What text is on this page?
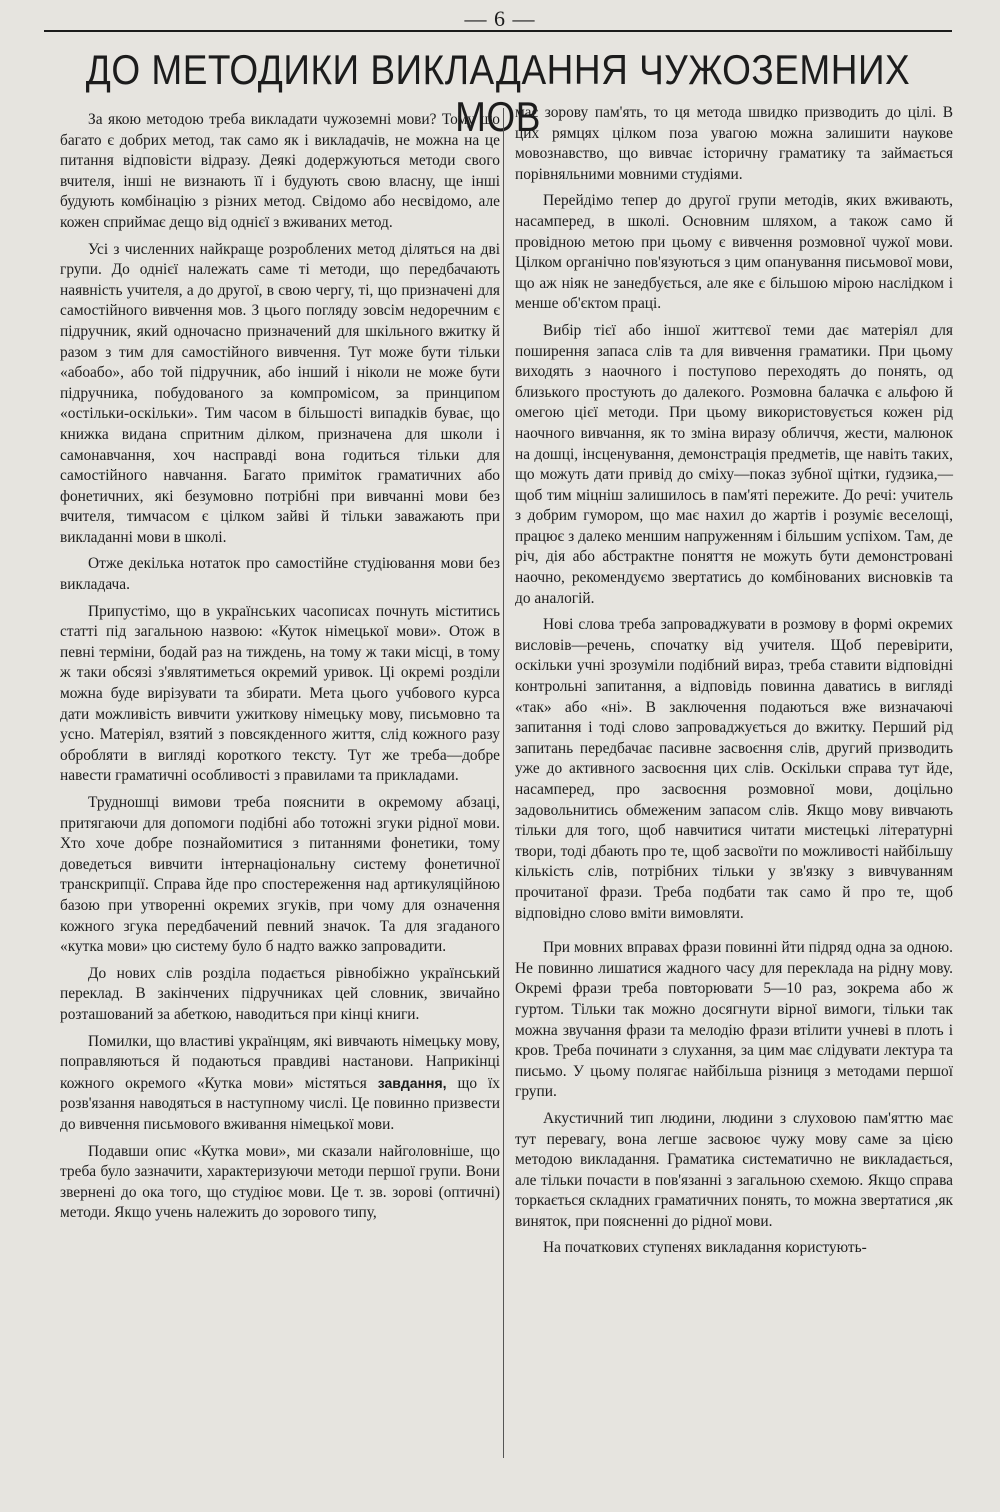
— 6 —
ДО МЕТОДИКИ ВИКЛАДАННЯ ЧУЖОЗЕМНИХ МОВ

За якою методою треба викладати чужоземні мови? Тому що багато є добрих метод, так само як і викладачів, не можна на це питання відповісти відразу. Деякі додержуються методи свого вчителя, інші не визнають її і будують свою власну, ще інші будують комбінацію з різних метод. Свідомо або несвідомо, але кожен сприймає дещо від однієї з вживаних метод.

Усі з численних найкраще розроблених метод діляться на дві групи. До однієї належать саме ті методи, що передбачають наявність учителя, а до другої, в свою чергу, ті, що призначені для самостійного вивчення мов. З цього погляду зовсім недоречним є підручник, який одночасно призначений для шкільного вжитку й разом з тим для самостійного вивчення. Тут може бути тільки «абоабо», або той підручник, або інший і ніколи не може бути підручника, побудованого за компромісом, за принципом «остільки-оскільки». Тим часом в більшості випадків буває, що книжка видана спритним ділком, призначена для школи і самонавчання, хоч насправді вона годиться тільки для самостійного навчання. Багато приміток граматичних або фонетичних, які безумовно потрібні при вивчанні мови без вчителя, тимчасом є цілком зайві й тільки заважають при викладанні мови в школі.

Отже декілька нотаток про самостійне студіювання мови без викладача.

Припустімо, що в українських часописах почнуть міститись статті під загальною назвою: «Куток німецької мови». Отож в певні терміни, бодай раз на тиждень, на тому ж таки місці, в тому ж таки обсязі з'являтиметься окремий уривок. Ці окремі розділи можна буде вирізувати та збирати. Мета цього учбового курса дати можливість вивчити ужиткову німецьку мову, письмовно та усно. Матеріял, взятий з повсякденного життя, слід кожного разу обробляти в вигляді короткого тексту. Тут же треба—добре навести граматичні особливості з правилами та прикладами.

Трудношці вимови треба пояснити в окремому абзаці, притягаючи для допомоги подібні або тотожні згуки рідної мови. Хто хоче добре познайомитися з питаннями фонетики, тому доведеться вивчити інтернаціональну систему фонетичної транскрипції. Справа йде про спостереження над артикуляційною базою при утворенні окремих згуків, при чому для означення кожного згука передбачений певний значок. Та для згаданого «кутка мови» цю систему було б надто важко запровадити.

До нових слів розділа подається рівнобіжно український переклад. В закінчених підручниках цей словник, звичайно розташований за абеткою, наводиться при кінці книги.

Помилки, що властиві українцям, які вивчають німецьку мову, поправляються й подаються правдиві настанови. Наприкінці кожного окремого «Кутка мови» містяться завдання, що їх розв'язання наводяться в наступному числі. Це повинно призвести до вивчення письмового вживання німецької мови.

Подавши опис «Кутка мови», ми сказали найголовніше, що треба було зазначити, характеризуючи методи першої групи. Вони звернені до ока того, що студіює мови. Це т. зв. зорові (оптичні) методи. Якщо учень належить до зорового типу,

має зорову пам'ять, то ця метода швидко призводить до цілі. В цих рямцях цілком поза увагою можна залишити наукове мовознавство, що вивчає історичну граматику та займається порівняльними мовними студіями.

Перейдімо тепер до другої групи методів, яких вживають, насамперед, в школі. Основним шляхом, а також само й провідною метою при цьому є вивчення розмовної чужої мови. Цілком органічно пов'язуються з цим опанування письмової мови, що аж ніяк не занедбується, але яке є більшою мірою наслідком і менше об'єктом праці.

Вибір тієї або іншої життєвої теми дає матеріял для поширення запаса слів та для вивчення граматики. При цьому виходять з наочного і поступово переходять до понять, од близького простують до далекого. Розмовна балачка є альфою й омегою цієї методи. При цьому використовується кожен рід наочного вивчання, як то зміна виразу обличчя, жести, малюнок на дошці, інсценування, демонстрація предметів, ще навіть таких, що можуть дати привід до сміху—показ зубної щітки, ґудзика,—щоб тим міцніш залишилось в пам'яті пережите. До речі: учитель з добрим гумором, що має нахил до жартів і розуміє веселощі, працює з далеко меншим напруженням і більшим успіхом. Там, де річ, дія або абстрактне поняття не можуть бути демонстровані наочно, рекомендуємо звертатись до комбінованих висновків та до аналогій.

Нові слова треба запроваджувати в розмову в формі окремих висловів—речень, спочатку від учителя. Щоб перевірити, оскільки учні зрозуміли подібний вираз, треба ставити відповідні контрольні запитання, а відповідь повинна даватись в вигляді «так» або «ні». В заключення подаються вже визначаючі запитання і тоді слово запроваджується до вжитку. Перший рід запитань передбачає пасивне засвоєння слів, другий призводить уже до активного засвоєння цих слів. Оскільки справа тут йде, насамперед, про засвоєння розмовної мови, доцільно задовольнитись обмеженим запасом слів. Якщо мову вивчають тільки для того, щоб навчитися читати мистецькі літературні твори, тоді дбають про те, щоб засвоїти по можливості найбільшу кількість слів, потрібних тільки у зв'язку з вивчуванням прочитаної фрази. Треба подбати так само й про те, щоб відповідно слово вміти вимовляти.

При мовних вправах фрази повинні йти підряд одна за одною. Не повинно лишатися жадного часу для переклада на рідну мову. Окремі фрази треба повторювати 5—10 раз, зокрема або ж гуртом. Тільки так можно досягнути вірної вимоги, тільки так можна звучання фрази та мелодію фрази втілити учневі в плоть і кров. Треба починати з слухання, за цим має слідувати лектура та письмо. У цьому полягає найбільша різниця з методами першої групи.

Акустичний тип людини, людини з слуховою пам'яттю має тут перевагу, вона легше засвоює чужу мову саме за цією методою викладання. Граматика систематично не викладається, але тільки почасти в пов'язанні з загальною схемою. Якщо справа торкається складних граматичних понять, то можна звертатися ,як виняток, при поясненні до рідної мови.

На початкових ступенях викладання користують-
